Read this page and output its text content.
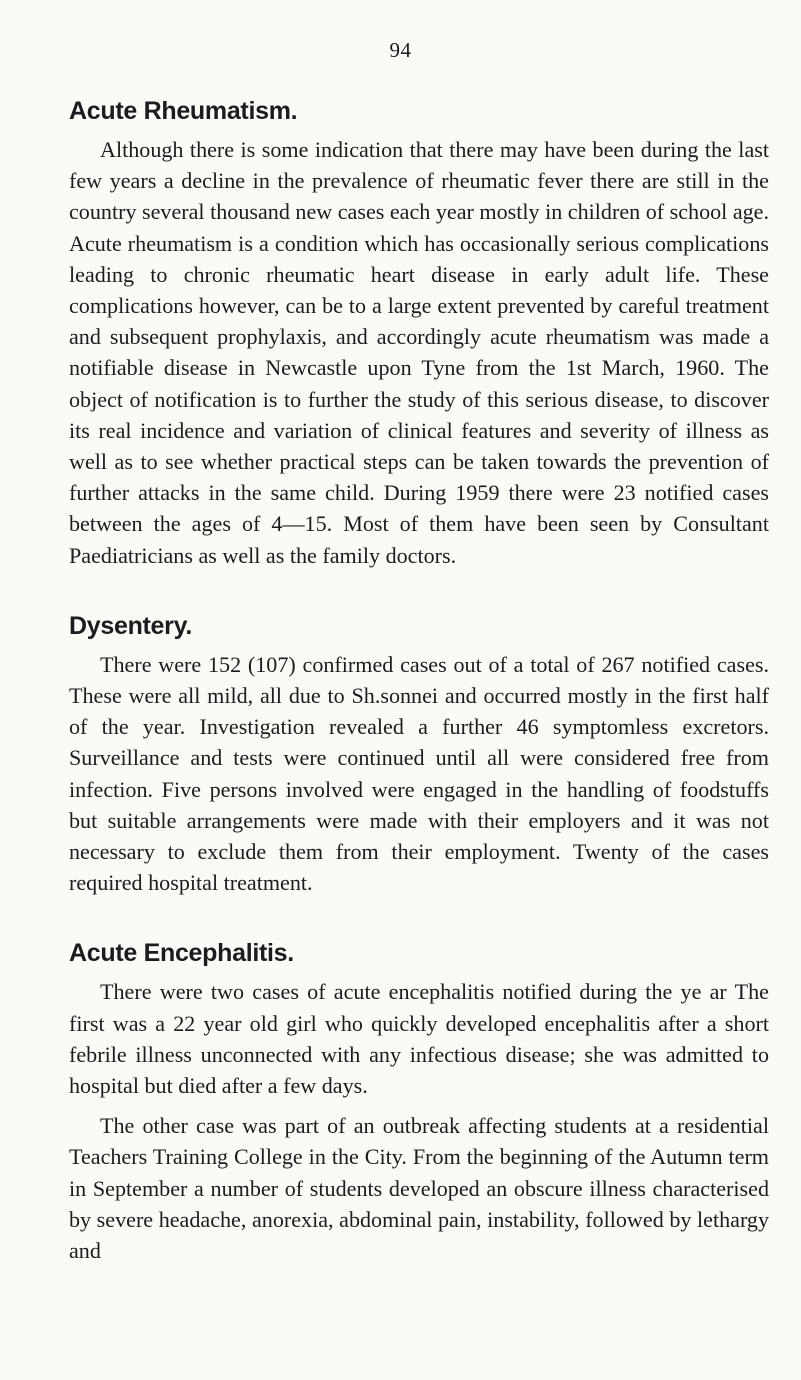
94
Acute Rheumatism.

Although there is some indication that there may have been during the last few years a decline in the prevalence of rheumatic fever there are still in the country several thousand new cases each year mostly in children of school age. Acute rheumatism is a condition which has occasionally serious complications leading to chronic rheumatic heart disease in early adult life. These complications however, can be to a large extent prevented by careful treatment and subsequent prophylaxis, and accordingly acute rheumatism was made a notifiable disease in Newcastle upon Tyne from the 1st March, 1960. The object of notification is to further the study of this serious disease, to discover its real incidence and variation of clinical features and severity of illness as well as to see whether practical steps can be taken towards the prevention of further attacks in the same child. During 1959 there were 23 notified cases between the ages of 4—15. Most of them have been seen by Consultant Paediatricians as well as the family doctors.

Dysentery.

There were 152 (107) confirmed cases out of a total of 267 notified cases. These were all mild, all due to Sh.sonnei and occurred mostly in the first half of the year. Investigation revealed a further 46 symptomless excretors. Surveillance and tests were continued until all were considered free from infection. Five persons involved were engaged in the handling of foodstuffs but suitable arrangements were made with their employers and it was not necessary to exclude them from their employment. Twenty of the cases required hospital treatment.

Acute Encephalitis.

There were two cases of acute encephalitis notified during the ye ar The first was a 22 year old girl who quickly developed encephalitis after a short febrile illness unconnected with any infectious disease; she was admitted to hospital but died after a few days.

The other case was part of an outbreak affecting students at a residential Teachers Training College in the City. From the beginning of the Autumn term in September a number of students developed an obscure illness characterised by severe headache, anorexia, abdominal pain, instability, followed by lethargy and
